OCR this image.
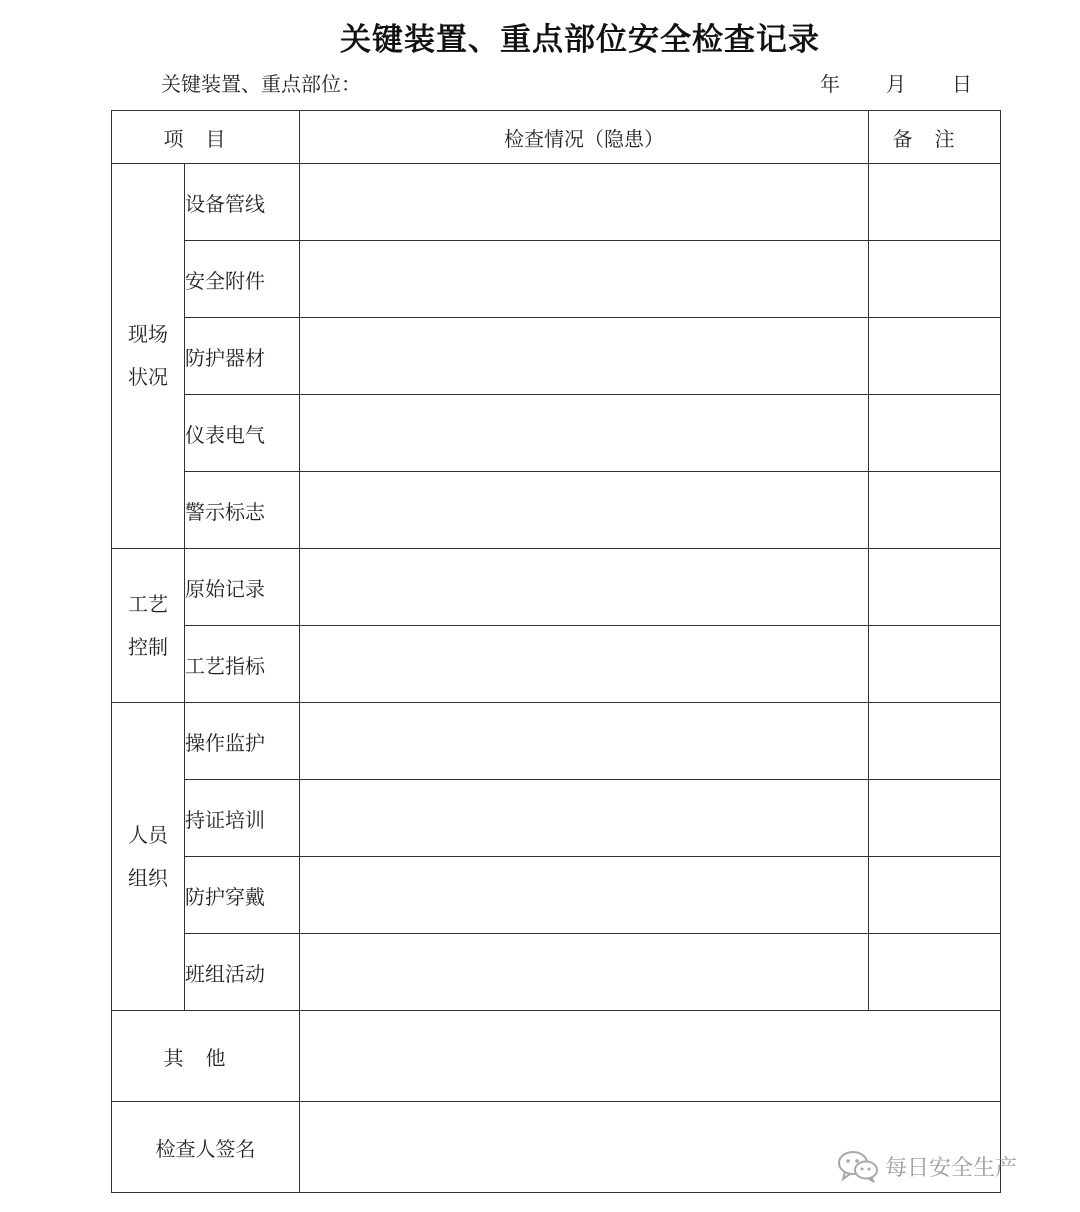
关键装置、重点部位安全检查记录
关键装置、重点部位：	年 月 日
项目		检查情况（隐患）	备注

现场
状况	设备管线		
	安全附件		
	防护器材		
	仪表电气		
	警示标志		

工艺
控制	原始记录		
	工艺指标		

人员
组织	操作监护		
	持证培训		
	防护穿戴		
	班组活动		
其他			
检查人签名			
每日安全生产
